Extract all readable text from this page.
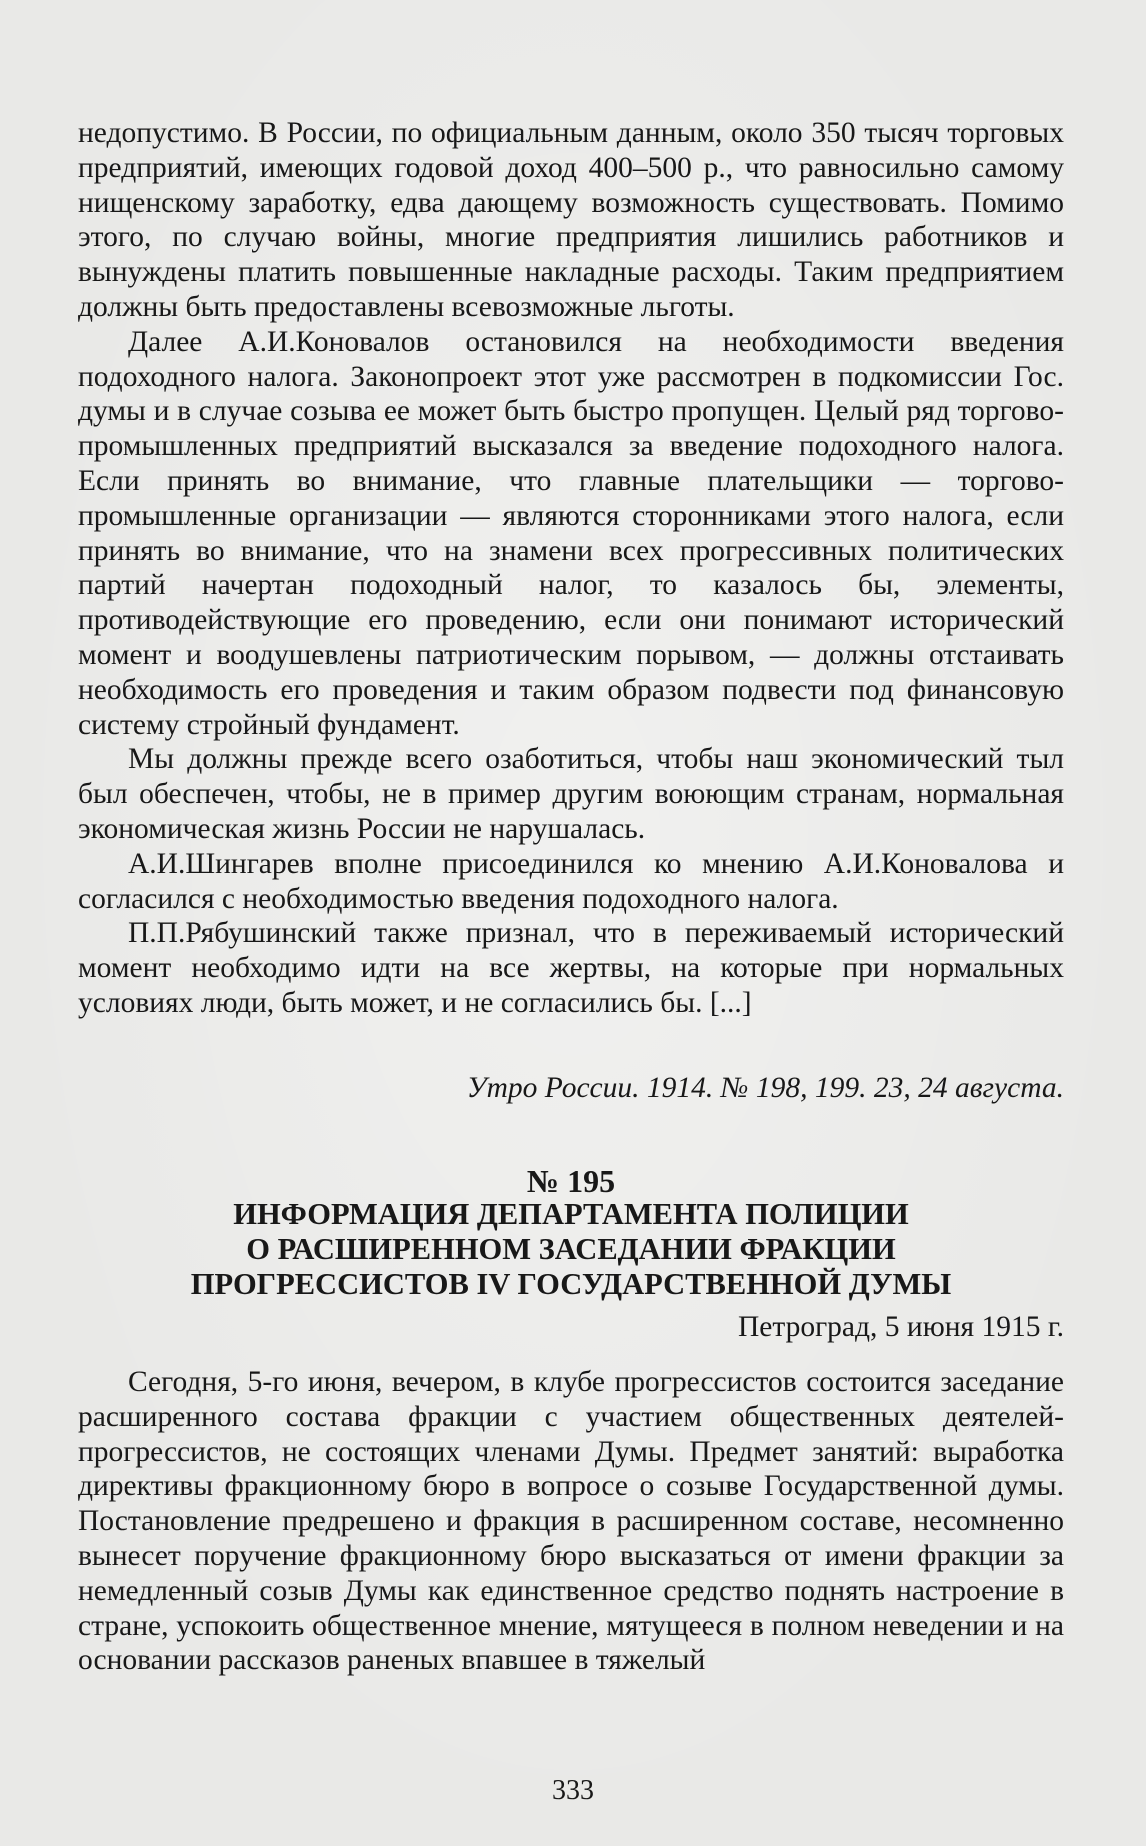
недопустимо. В России, по официальным данным, около 350 тысяч торговых предприятий, имеющих годовой доход 400–500 р., что равносильно самому нищенскому заработку, едва дающему возможность существовать. Помимо этого, по случаю войны, многие предприятия лишились работников и вынуждены платить повышенные накладные расходы. Таким предприятием должны быть предоставлены всевозможные льготы.

Далее А.И.Коновалов остановился на необходимости введения подоходного налога. Законопроект этот уже рассмотрен в подкомиссии Гос. думы и в случае созыва ее может быть быстро пропущен. Целый ряд торгово-промышленных предприятий высказался за введение подоходного налога. Если принять во внимание, что главные плательщики — торгово-промышленные организации — являются сторонниками этого налога, если принять во внимание, что на знамени всех прогрессивных политических партий начертан подоходный налог, то казалось бы, элементы, противодействующие его проведению, если они понимают исторический момент и воодушевлены патриотическим порывом, — должны отстаивать необходимость его проведения и таким образом подвести под финансовую систему стройный фундамент.

Мы должны прежде всего озаботиться, чтобы наш экономический тыл был обеспечен, чтобы, не в пример другим воюющим странам, нормальная экономическая жизнь России не нарушалась.

А.И.Шингарев вполне присоединился ко мнению А.И.Коновалова и согласился с необходимостью введения подоходного налога.

П.П.Рябушинский также признал, что в переживаемый исторический момент необходимо идти на все жертвы, на которые при нормальных условиях люди, быть может, и не согласились бы. [...]

Утро России. 1914. № 198, 199. 23, 24 августа.
№ 195
ИНФОРМАЦИЯ ДЕПАРТАМЕНТА ПОЛИЦИИ
О РАСШИРЕННОМ ЗАСЕДАНИИ ФРАКЦИИ
ПРОГРЕССИСТОВ IV ГОСУДАРСТВЕННОЙ ДУМЫ
Петроград, 5 июня 1915 г.

Сегодня, 5-го июня, вечером, в клубе прогрессистов состоится заседание расширенного состава фракции с участием общественных деятелей-прогрессистов, не состоящих членами Думы. Предмет занятий: выработка директивы фракционному бюро в вопросе о созыве Государственной думы. Постановление предрешено и фракция в расширенном составе, несомненно вынесет поручение фракционному бюро высказаться от имени фракции за немедленный созыв Думы как единственное средство поднять настроение в стране, успокоить общественное мнение, мятущееся в полном неведении и на основании рассказов раненых впавшее в тяжелый

333
